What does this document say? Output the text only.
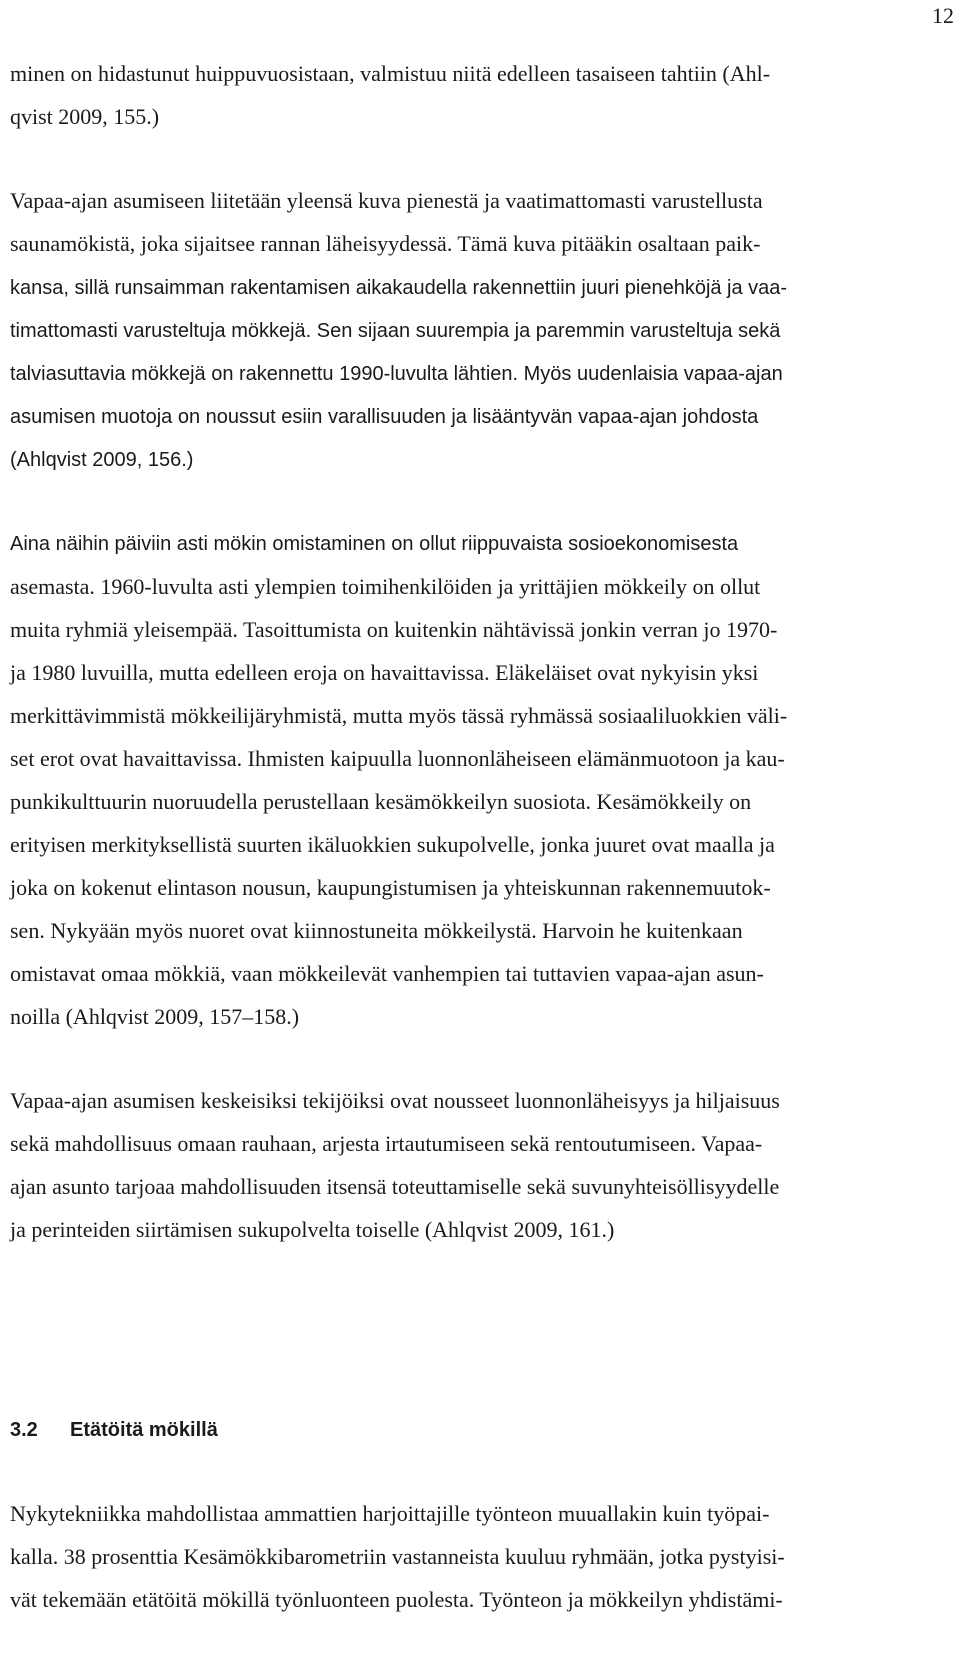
12
minen on hidastunut huippuvuosistaan, valmistuu niitä edelleen tasaiseen tahtiin (Ahl-
qvist 2009, 155.)
Vapaa-ajan asumiseen liitetään yleensä kuva pienestä ja vaatimattomasti varustellusta
saunamökistä, joka sijaitsee rannan läheisyydessä. Tämä kuva pitääkin osaltaan paik-
kansa, sillä runsaimman rakentamisen aikakaudella rakennettiin juuri pienehköjä ja vaa-
timattomasti varusteltuja mökkejä. Sen sijaan suurempia ja paremmin varusteltuja sekä
talviasuttavia mökkejä on rakennettu 1990-luvulta lähtien. Myös uudenlaisia vapaa-ajan
asumisen muotoja on noussut esiin varallisuuden ja lisääntyvän vapaa-ajan johdosta
(Ahlqvist 2009, 156.)
Aina näihin päiviin asti mökin omistaminen on ollut riippuvaista sosioekonomisesta
asemasta. 1960-luvulta asti ylempien toimihenkilöiden ja yrittäjien mökkeily on ollut
muita ryhmiä yleisempää. Tasoittumista on kuitenkin nähtävissä jonkin verran jo 1970-
ja 1980 luvuilla, mutta edelleen eroja on havaittavissa. Eläkeläiset ovat nykyisin yksi
merkittävimmistä mökkeilijäryhmistä, mutta myös tässä ryhmässä sosiaaliluokkien väli-
set erot ovat havaittavissa. Ihmisten kaipuulla luonnonläheiseen elämänmuotoon ja kau-
punkikulttuurin nuoruudella perustellaan kesämökkeilyn suosiota. Kesämökkeily on
erityisen merkityksellistä suurten ikäluokkien sukupolvelle, jonka juuret ovat maalla ja
joka on kokenut elintason nousun, kaupungistumisen ja yhteiskunnan rakennemuutok-
sen. Nykyään myös nuoret ovat kiinnostuneita mökkeilystä. Harvoin he kuitenkaan
omistavat omaa mökkiä, vaan mökkeilevät vanhempien tai tuttavien vapaa-ajan asun-
noilla (Ahlqvist 2009, 157–158.)
Vapaa-ajan asumisen keskeisiksi tekijöiksi ovat nousseet luonnonläheisyys ja hiljaisuus
sekä mahdollisuus omaan rauhaan, arjesta irtautumiseen sekä rentoutumiseen. Vapaa-
ajan asunto tarjoaa mahdollisuuden itsensä toteuttamiselle sekä suvunyhteisöllisyydelle
ja perinteiden siirtämisen sukupolvelta toiselle (Ahlqvist 2009, 161.)
3.2 Etätöitä mökillä
Nykytekniikka mahdollistaa ammattien harjoittajille työnteon muuallakin kuin työpai-
kalla. 38 prosenttia Kesämökkibarometriin vastanneista kuuluu ryhmään, jotka pystyisi-
vät tekemään etätöitä mökillä työnluonteen puolesta. Työnteon ja mökkeilyn yhdistämi-
